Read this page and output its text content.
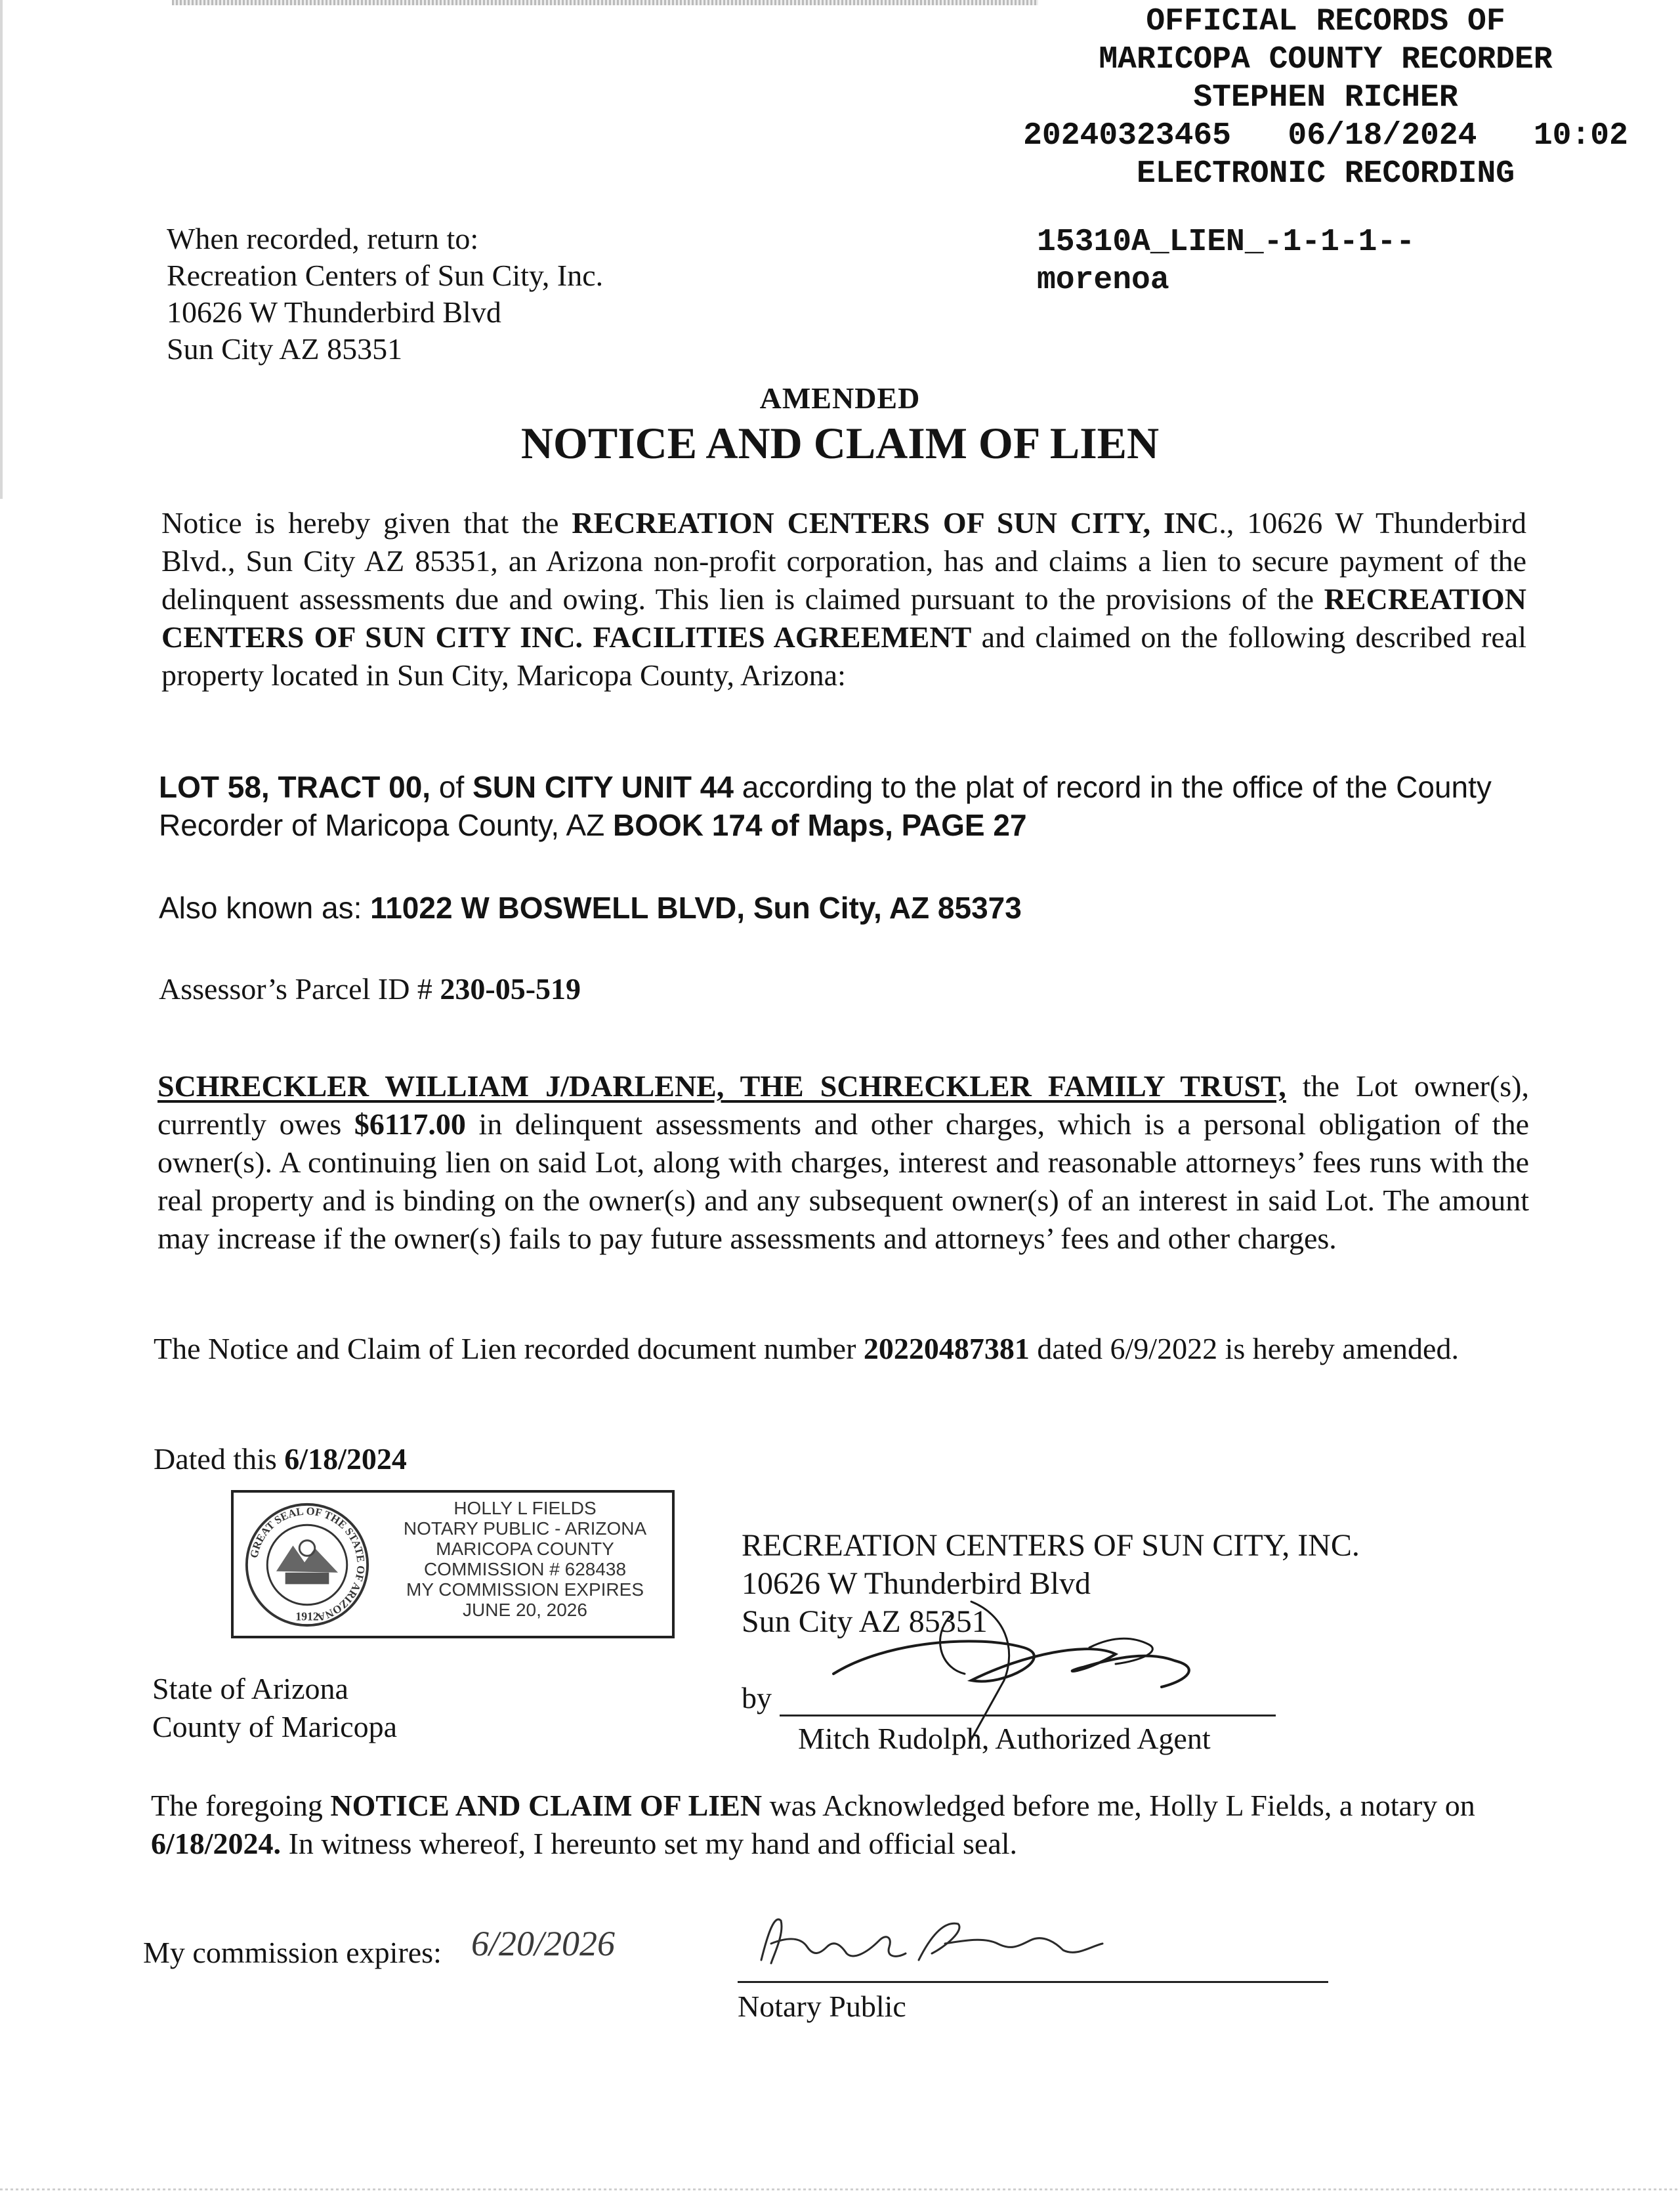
OFFICIAL RECORDS OF
MARICOPA COUNTY RECORDER
STEPHEN RICHER
20240323465   06/18/2024   10:02
ELECTRONIC RECORDING
15310A_LIEN_-1-1-1--
morenoa
When recorded, return to:
Recreation Centers of Sun City, Inc.
10626 W Thunderbird Blvd
Sun City AZ 85351
AMENDED
NOTICE AND CLAIM OF LIEN
Notice is hereby given that the RECREATION CENTERS OF SUN CITY, INC., 10626 W Thunderbird Blvd., Sun City AZ 85351, an Arizona non-profit corporation, has and claims a lien to secure payment of the delinquent assessments due and owing. This lien is claimed pursuant to the provisions of the RECREATION CENTERS OF SUN CITY INC. FACILITIES AGREEMENT and claimed on the following described real property located in Sun City, Maricopa County, Arizona:
LOT 58, TRACT 00, of SUN CITY UNIT 44 according to the plat of record in the office of the County Recorder of Maricopa County, AZ BOOK 174 of Maps, PAGE 27
Also known as: 11022 W BOSWELL BLVD, Sun City, AZ 85373
Assessor’s Parcel ID # 230-05-519
SCHRECKLER WILLIAM J/DARLENE, THE SCHRECKLER FAMILY TRUST, the Lot owner(s), currently owes $6117.00 in delinquent assessments and other charges, which is a personal obligation of the owner(s). A continuing lien on said Lot, along with charges, interest and reasonable attorneys’ fees runs with the real property and is binding on the owner(s) and any subsequent owner(s) of an interest in said Lot. The amount may increase if the owner(s) fails to pay future assessments and attorneys’ fees and other charges.
The Notice and Claim of Lien recorded document number 20220487381 dated 6/9/2022 is hereby amended.
Dated this 6/18/2024
GREAT SEAL OF THE STATE OF ARIZONA
1912
HOLLY L FIELDS
NOTARY PUBLIC - ARIZONA
MARICOPA COUNTY
COMMISSION # 628438
MY COMMISSION EXPIRES
JUNE 20, 2026
RECREATION CENTERS OF SUN CITY, INC.
10626 W Thunderbird Blvd
Sun City AZ 85351
State of Arizona
County of Maricopa
by
Mitch Rudolph, Authorized Agent
The foregoing NOTICE AND CLAIM OF LIEN was Acknowledged before me, Holly L Fields, a notary on 6/18/2024. In witness whereof, I hereunto set my hand and official seal.
My commission expires: 6/20/2026
Notary Public
